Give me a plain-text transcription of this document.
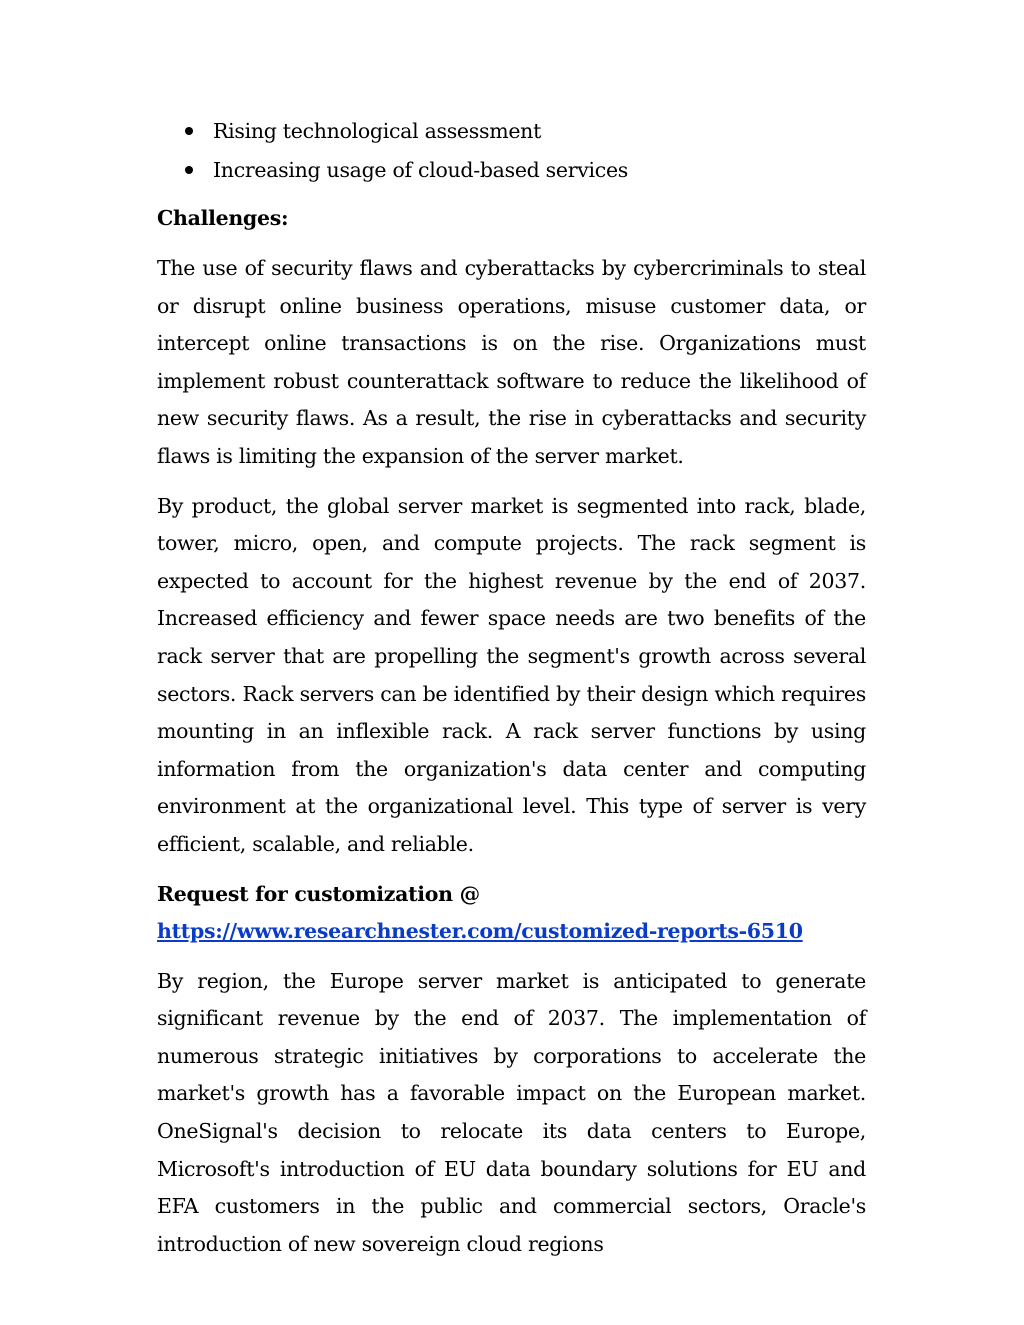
Rising technological assessment
Increasing usage of cloud-based services
Challenges:

The use of security flaws and cyberattacks by cybercriminals to steal or disrupt online business operations, misuse customer data, or intercept online transactions is on the rise. Organizations must implement robust counterattack software to reduce the likelihood of new security flaws. As a result, the rise in cyberattacks and security flaws is limiting the expansion of the server market.

By product, the global server market is segmented into rack, blade, tower, micro, open, and compute projects. The rack segment is expected to account for the highest revenue by the end of 2037. Increased efficiency and fewer space needs are two benefits of the rack server that are propelling the segment's growth across several sectors. Rack servers can be identified by their design which requires mounting in an inflexible rack. A rack server functions by using information from the organization's data center and computing environment at the organizational level. This type of server is very efficient, scalable, and reliable.

Request for customization @
https://www.researchnester.com/customized-reports-6510

By region, the Europe server market is anticipated to generate significant revenue by the end of 2037. The implementation of numerous strategic initiatives by corporations to accelerate the market's growth has a favorable impact on the European market. OneSignal's decision to relocate its data centers to Europe, Microsoft's introduction of EU data boundary solutions for EU and EFA customers in the public and commercial sectors, Oracle's introduction of new sovereign cloud regions
